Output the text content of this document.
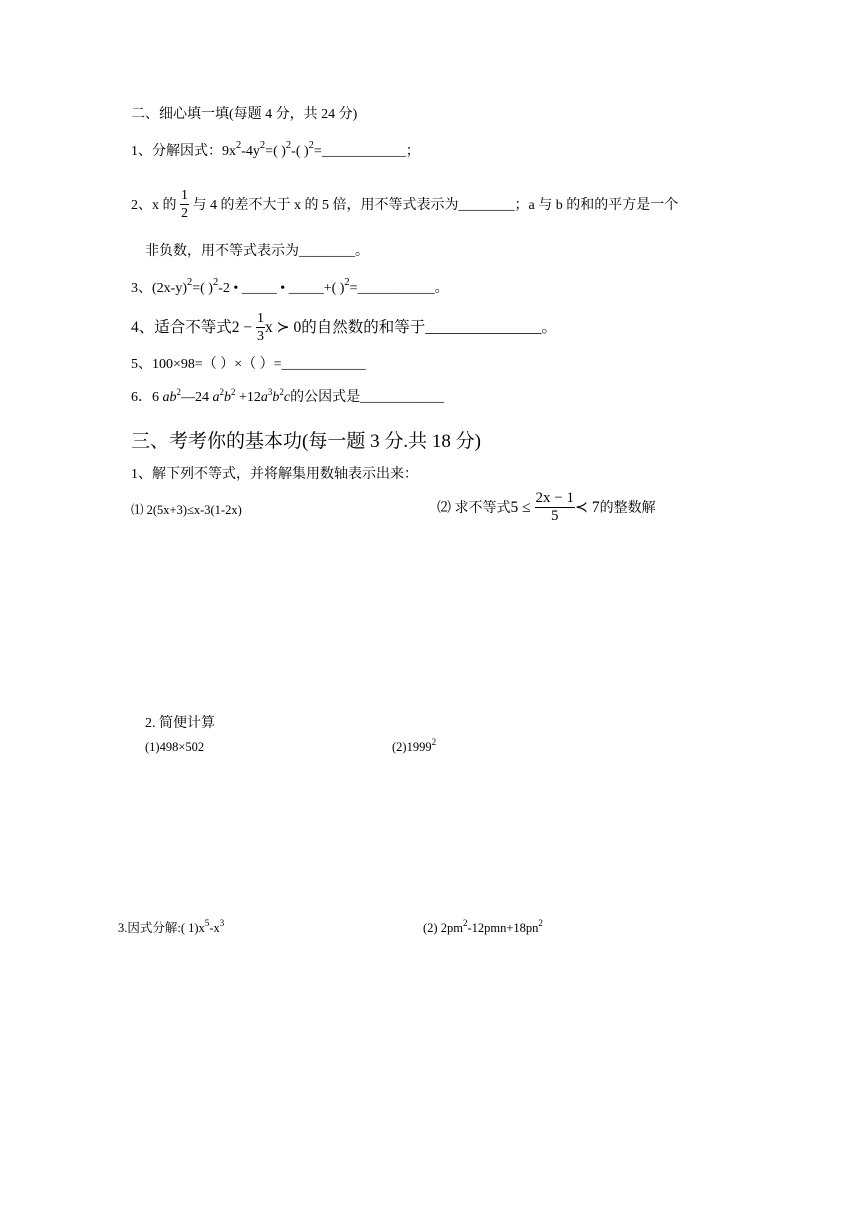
二、细心填一填(每题 4 分，共 24 分)
1、分解因式：$9x^2-4y^2=$( )$^2$-( )$^2$=____________；
2、x 的 $\frac{1}{2}$ 与 4 的差不大于 x 的 5 倍，用不等式表示为________；a 与 b 的和的平方是一个
非负数，用不等式表示为________。
3、$(2x-y)^2=$( )$^2$-2 • _____ • _____+( )$^2$=___________。
4、适合不等式$2 - \frac{1}{3}$ x ≻ 0的自然数的和等于_______________。
5、100×98=（ ）×（ ）=____________
6．6 $ab^2—24$ $a^2b^2 +12a^3b^2c$的公因式是____________
三、考考你的基本功(每一题 3 分.共 18 分)
1、解下列不等式，并将解集用数轴表示出来：
⑴ 2(5x+3)≤x-3(1-2x)	⑵ 求不等式$5 \le \frac{2x - 1}{5}$ ≺ 7的整数解
2. 简便计算
(1)498×502	(2)1999$^2$
3.因式分解:( $1)x^5-x^3$	(2) $2pm^2-12pmn+18pn^2$
